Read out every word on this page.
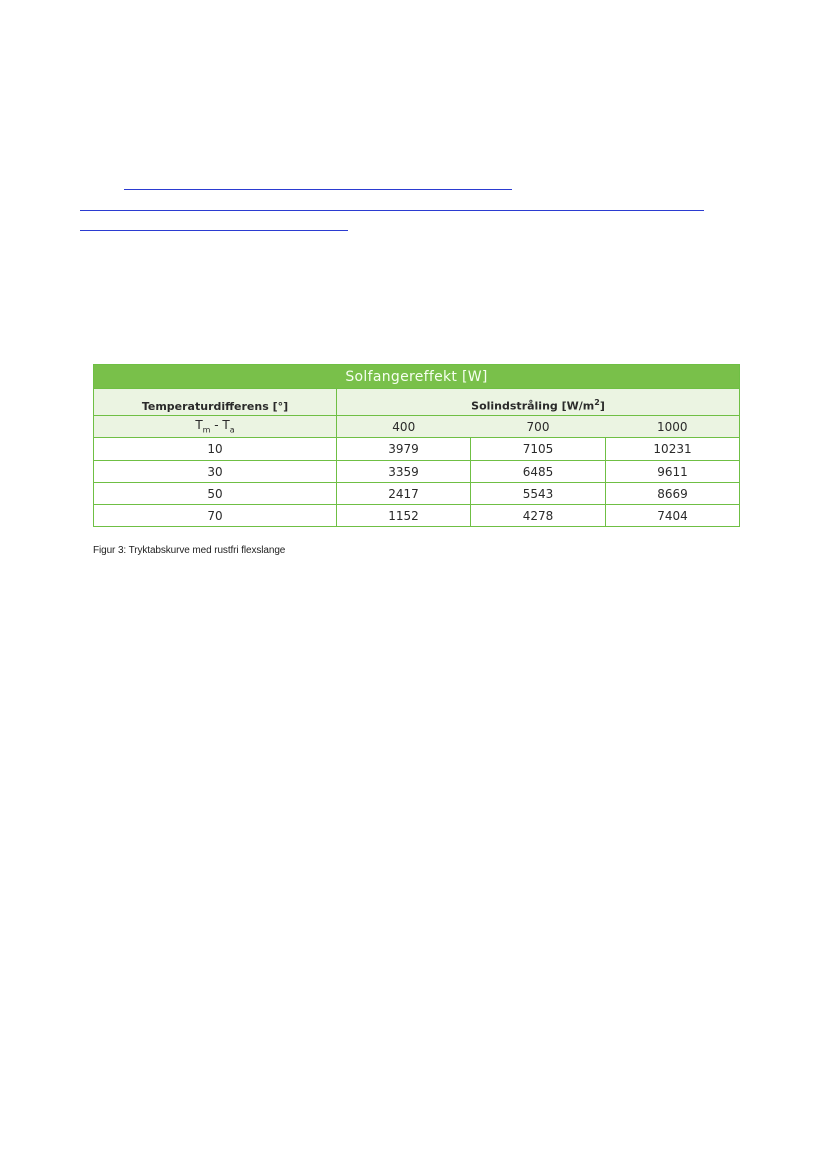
Solfangereffekt [W]			
Temperaturdifferens [°]	Solindstråling $[W/m^2]$		
$T_m - T_a$	400	700	1000
10	3979	7105	10231
30	3359	6485	9611
50	2417	5543	8669
70	1152	4278	7404
Figur 3: Tryktabskurve med rustfri flexslange
